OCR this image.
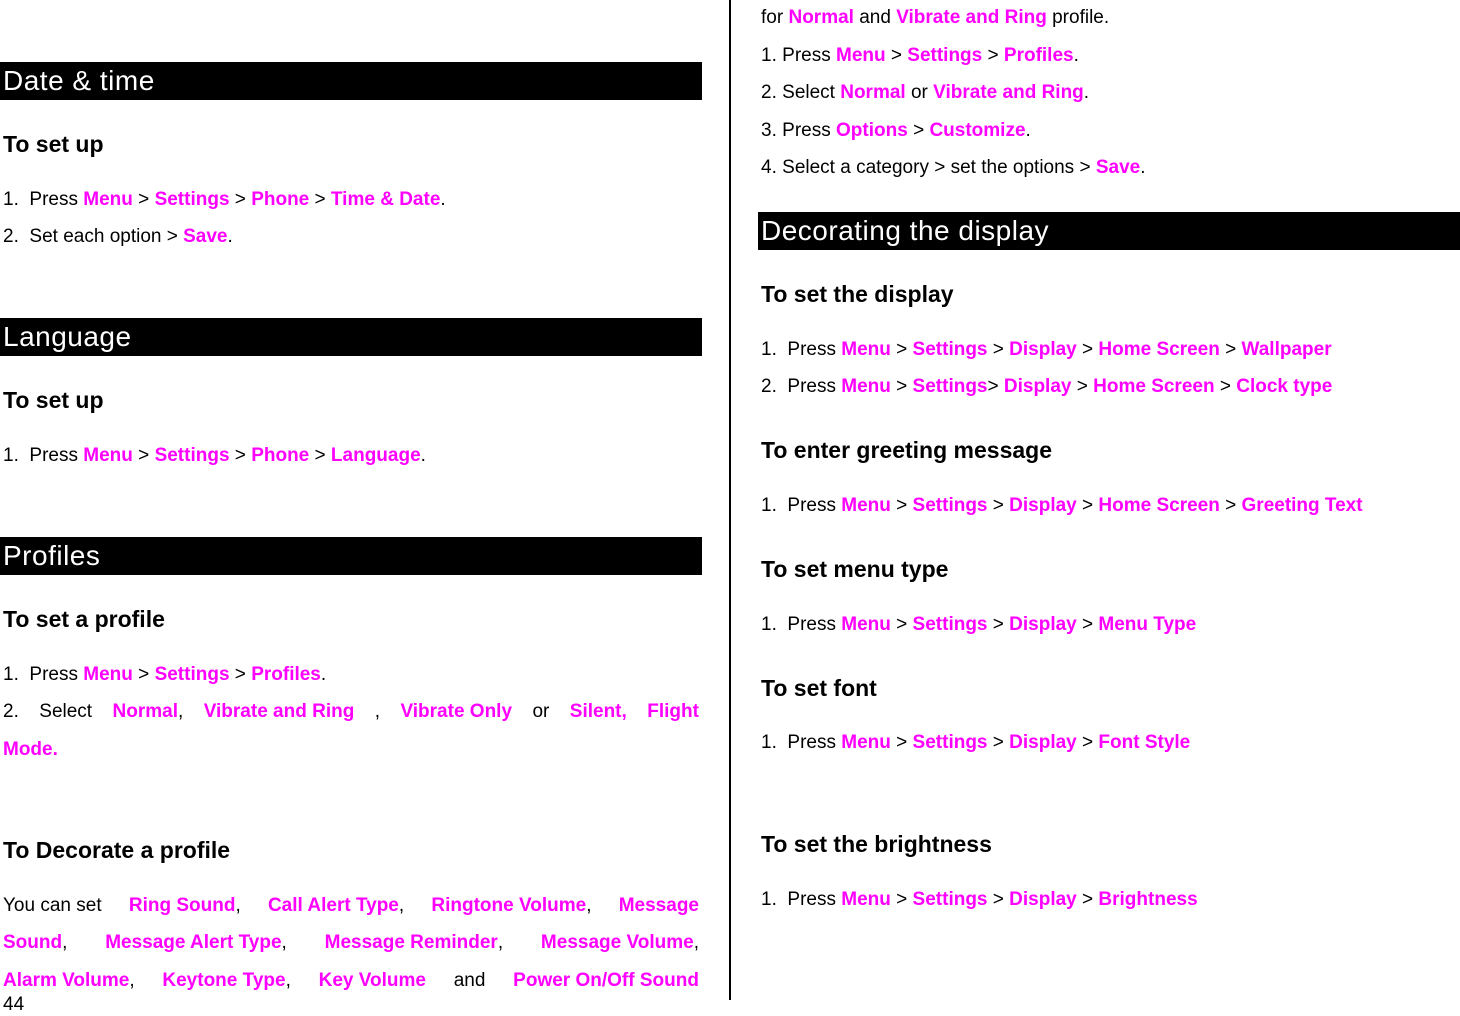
Date & time
To set up
1. Press Menu > Settings > Phone > Time & Date.
2. Set each option > Save.
Language
To set up
1. Press Menu > Settings > Phone > Language.
Profiles
To set a profile
1. Press Menu > Settings > Profiles.
2. Select Normal, Vibrate and Ring , Vibrate Only or Silent, Flight
Mode.
To Decorate a profile
You can set Ring Sound, Call Alert Type, Ringtone Volume, Message
Sound, Message Alert Type, Message Reminder, Message Volume,
Alarm Volume, Keytone Type, Key Volume and Power On/Off Sound
44
for Normal and Vibrate and Ring profile.
1. Press Menu > Settings > Profiles.
2. Select Normal or Vibrate and Ring.
3. Press Options > Customize.
4. Select a category > set the options > Save.
Decorating the display
To set the display
1. Press Menu > Settings > Display > Home Screen > Wallpaper
2. Press Menu > Settings> Display > Home Screen > Clock type
To enter greeting message
1. Press Menu > Settings > Display > Home Screen > Greeting Text
To set menu type
1. Press Menu > Settings > Display > Menu Type
To set font
1. Press Menu > Settings > Display > Font Style
To set the brightness
1. Press Menu > Settings > Display > Brightness
